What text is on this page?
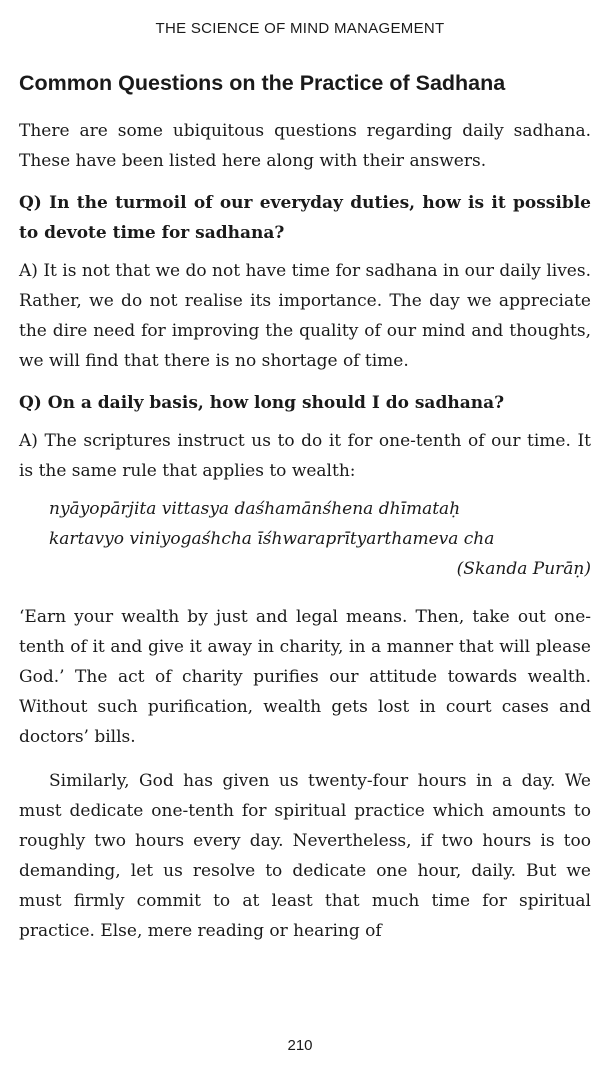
THE SCIENCE OF MIND MANAGEMENT
Common Questions on the Practice of Sadhana

There are some ubiquitous questions regarding daily sadhana. These have been listed here along with their answers.

Q) In the turmoil of our everyday duties, how is it possible to devote time for sadhana?

A) It is not that we do not have time for sadhana in our daily lives. Rather, we do not realise its importance. The day we appreciate the dire need for improving the quality of our mind and thoughts, we will find that there is no shortage of time.

Q) On a daily basis, how long should I do sadhana?

A) The scriptures instruct us to do it for one-tenth of our time. It is the same rule that applies to wealth:

nyāyopārjita vittasya daśhamānśhena dhīmataḥ
kartavyo viniyogaśhcha īśhwaraprītyarthameva cha
(Skanda Purāṇ)

‘Earn your wealth by just and legal means. Then, take out one-tenth of it and give it away in charity, in a manner that will please God.’ The act of charity purifies our attitude towards wealth. Without such purification, wealth gets lost in court cases and doctors’ bills.

Similarly, God has given us twenty-four hours in a day. We must dedicate one-tenth for spiritual practice which amounts to roughly two hours every day. Nevertheless, if two hours is too demanding, let us resolve to dedicate one hour, daily. But we must firmly commit to at least that much time for spiritual practice. Else, mere reading or hearing of

210
